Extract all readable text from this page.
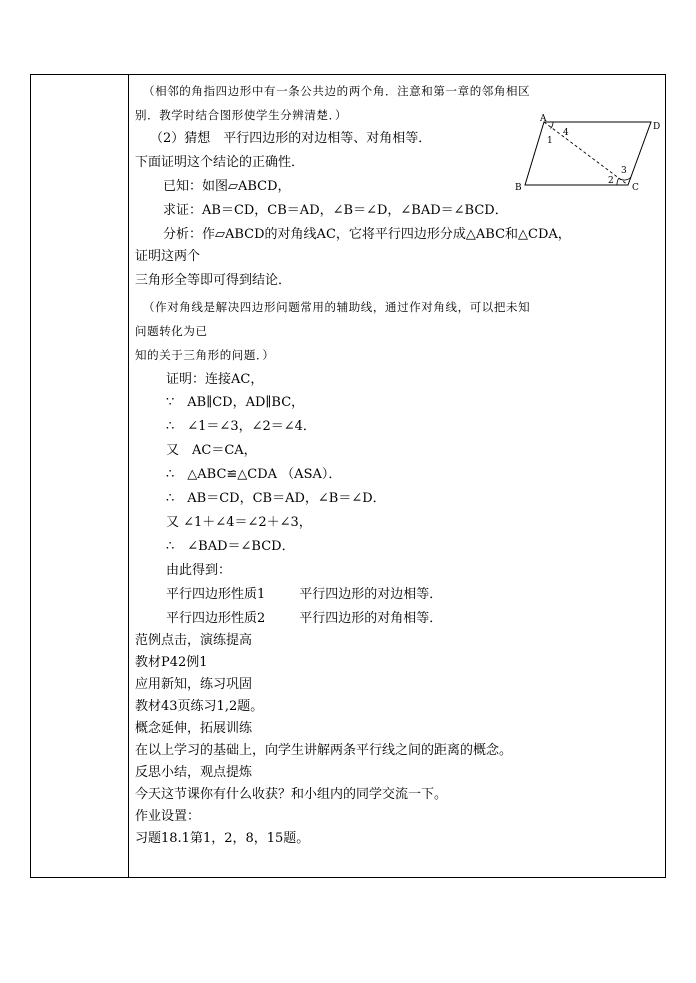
（相邻的角指四边形中有一条公共边的两个角．注意和第一章的邻角相区
别．教学时结合图形使学生分辨清楚．）
（2）猜想　平行四边形的对边相等、对角相等．
下面证明这个结论的正确性．
已知：如图▱ABCD，
求证：AB＝CD，CB＝AD，∠B＝∠D，∠BAD＝∠BCD．
分析：作▱ABCD的对角线AC，它将平行四边形分成△ABC和△CDA，
证明这两个
三角形全等即可得到结论．
（作对角线是解决四边形问题常用的辅助线，通过作对角线，可以把未知
问题转化为已
知的关于三角形的问题．）
证明：连接AC，
∵　AB∥CD，AD∥BC，
∴　∠1＝∠3，∠2＝∠4．
又　AC＝CA，
∴　△ABC≌△CDA （ASA）．
∴　AB＝CD，CB＝AD，∠B＝∠D．
又 ∠1＋∠4＝∠2＋∠3，
∴　∠BAD＝∠BCD．
由此得到：
平行四边形性质1	平行四边形的对边相等．
平行四边形性质2	平行四边形的对角相等．
范例点击，演练提高
教材P42例1
应用新知，练习巩固
教材43页练习1,2题。
概念延伸，拓展训练
在以上学习的基础上，向学生讲解两条平行线之间的距离的概念。
反思小结，观点提炼
今天这节课你有什么收获？和小组内的同学交流一下。
作业设置：
习题18.1第1，2，8，15题。
A
D
B	C
1
4
2
3
